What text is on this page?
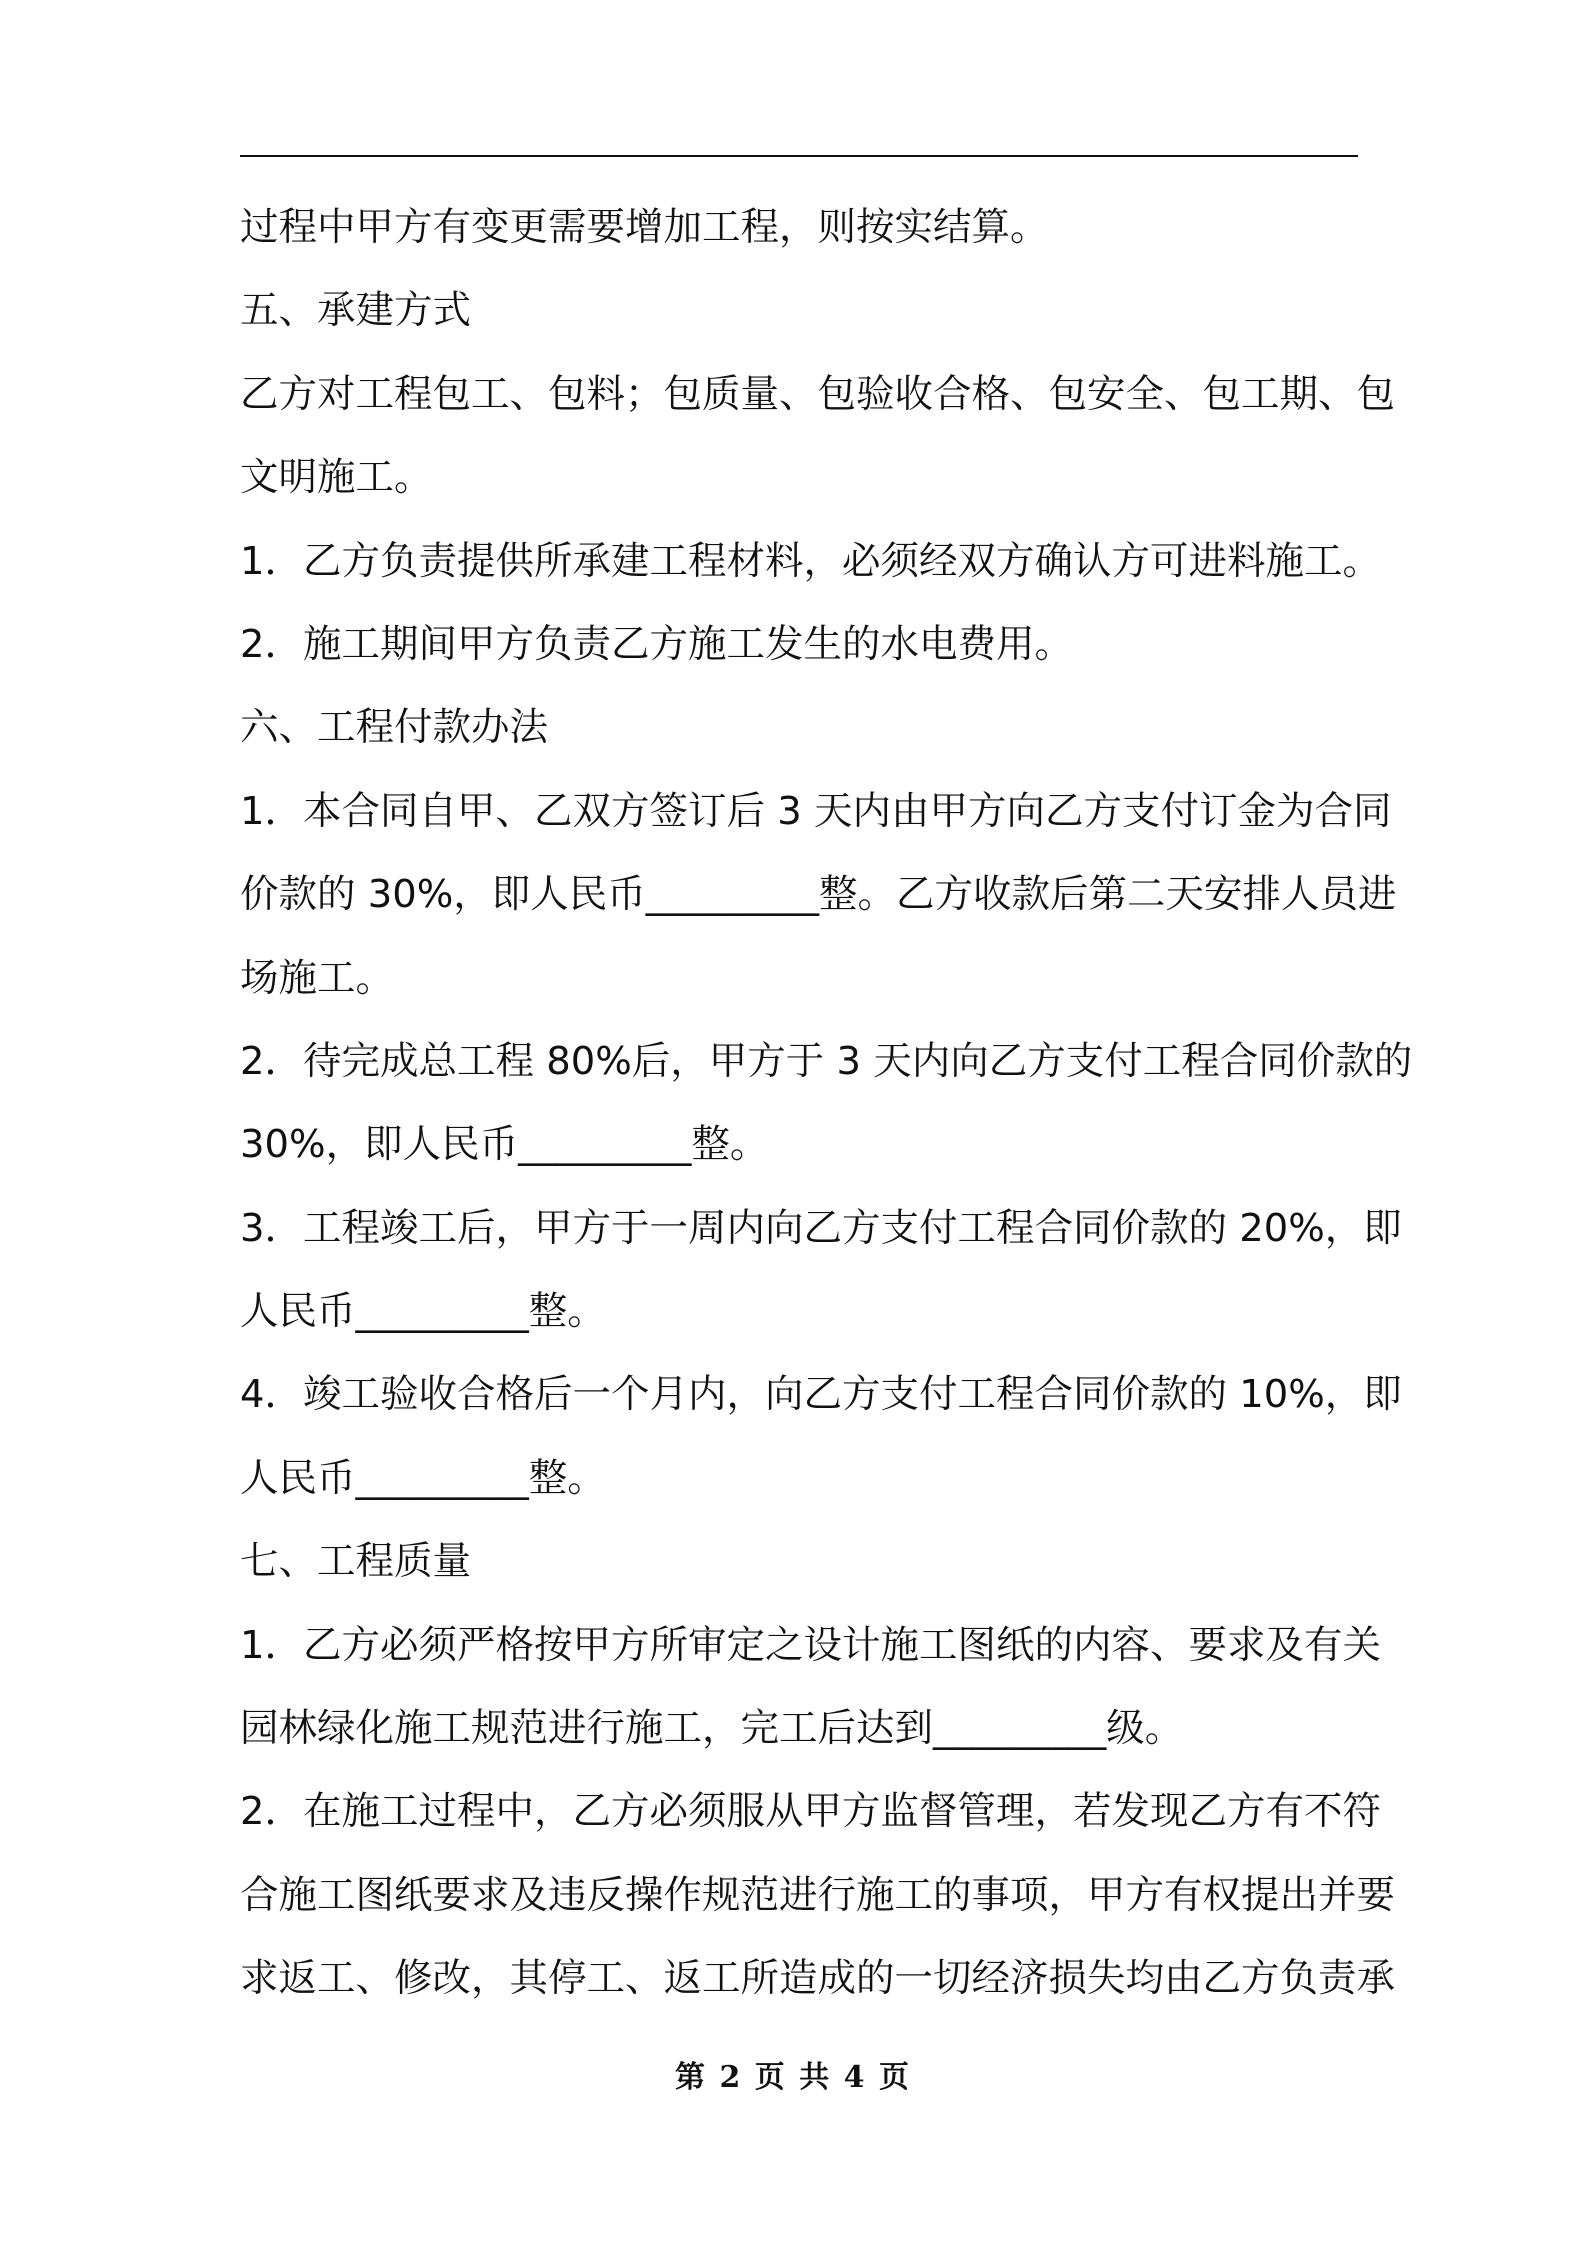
过程中甲方有变更需要增加工程，则按实结算。
五、承建方式
乙方对工程包工、包料；包质量、包验收合格、包安全、包工期、包
文明施工。
1．乙方负责提供所承建工程材料，必须经双方确认方可进料施工。
2．施工期间甲方负责乙方施工发生的水电费用。
六、工程付款办法
1．本合同自甲、乙双方签订后 3 天内由甲方向乙方支付订金为合同
价款的 30%，即人民币_________整。乙方收款后第二天安排人员进
场施工。
2．待完成总工程 80%后，甲方于 3 天内向乙方支付工程合同价款的
30%，即人民币_________整。
3．工程竣工后，甲方于一周内向乙方支付工程合同价款的 20%，即
人民币_________整。
4．竣工验收合格后一个月内，向乙方支付工程合同价款的 10%，即
人民币_________整。
七、工程质量
1．乙方必须严格按甲方所审定之设计施工图纸的内容、要求及有关
园林绿化施工规范进行施工，完工后达到_________级。
2．在施工过程中，乙方必须服从甲方监督管理，若发现乙方有不符
合施工图纸要求及违反操作规范进行施工的事项，甲方有权提出并要
求返工、修改，其停工、返工所造成的一切经济损失均由乙方负责承
第 2 页 共 4 页
